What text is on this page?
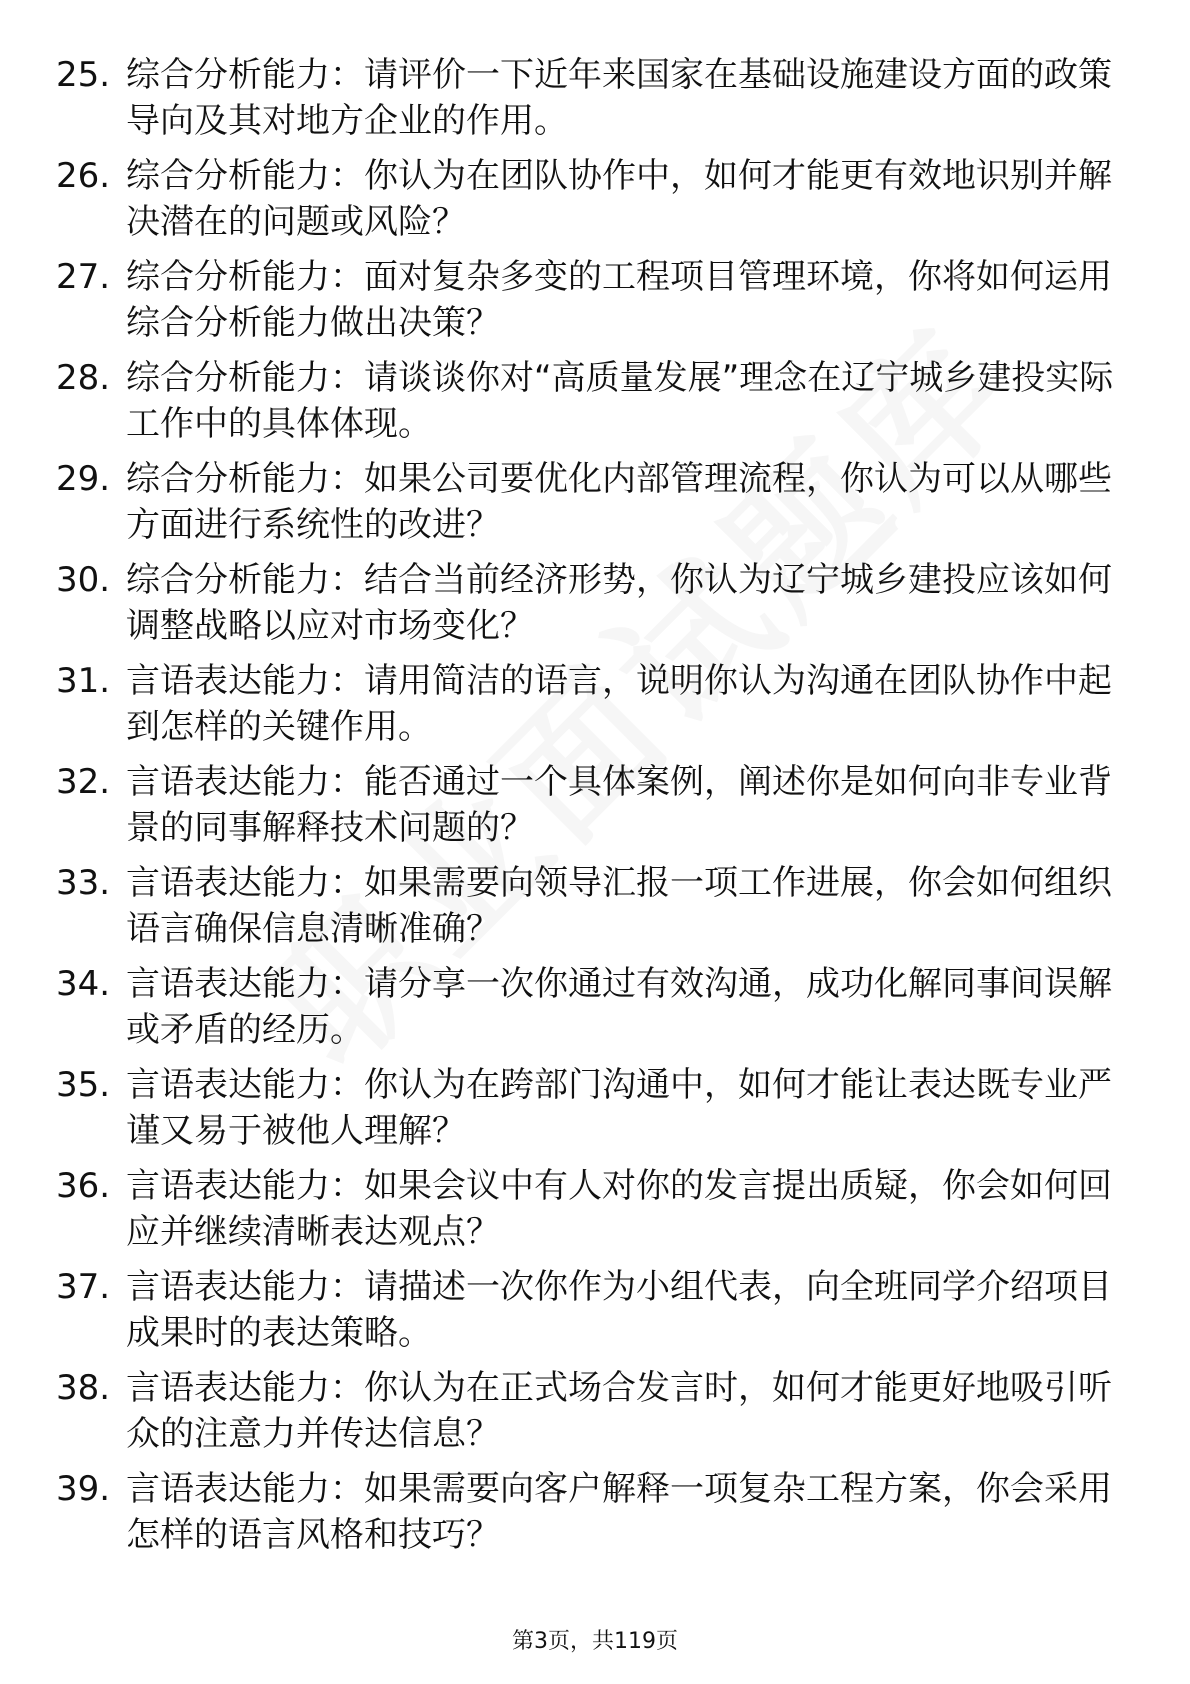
25. 综合分析能力：请评价一下近年来国家在基础设施建设方面的政策导向及其对地方企业的作用。
26. 综合分析能力：你认为在团队协作中，如何才能更有效地识别并解决潜在的问题或风险？
27. 综合分析能力：面对复杂多变的工程项目管理环境，你将如何运用综合分析能力做出决策？
28. 综合分析能力：请谈谈你对“高质量发展”理念在辽宁城乡建投实际工作中的具体体现。
29. 综合分析能力：如果公司要优化内部管理流程，你认为可以从哪些方面进行系统性的改进？
30. 综合分析能力：结合当前经济形势，你认为辽宁城乡建投应该如何调整战略以应对市场变化？
31. 言语表达能力：请用简洁的语言，说明你认为沟通在团队协作中起到怎样的关键作用。
32. 言语表达能力：能否通过一个具体案例，阐述你是如何向非专业背景的同事解释技术问题的？
33. 言语表达能力：如果需要向领导汇报一项工作进展，你会如何组织语言确保信息清晰准确？
34. 言语表达能力：请分享一次你通过有效沟通，成功化解同事间误解或矛盾的经历。
35. 言语表达能力：你认为在跨部门沟通中，如何才能让表达既专业严谨又易于被他人理解？
36. 言语表达能力：如果会议中有人对你的发言提出质疑，你会如何回应并继续清晰表达观点？
37. 言语表达能力：请描述一次你作为小组代表，向全班同学介绍项目成果时的表达策略。
38. 言语表达能力：你认为在正式场合发言时，如何才能更好地吸引听众的注意力并传达信息？
39. 言语表达能力：如果需要向客户解释一项复杂工程方案，你会采用怎样的语言风格和技巧？
第3页，共119页
